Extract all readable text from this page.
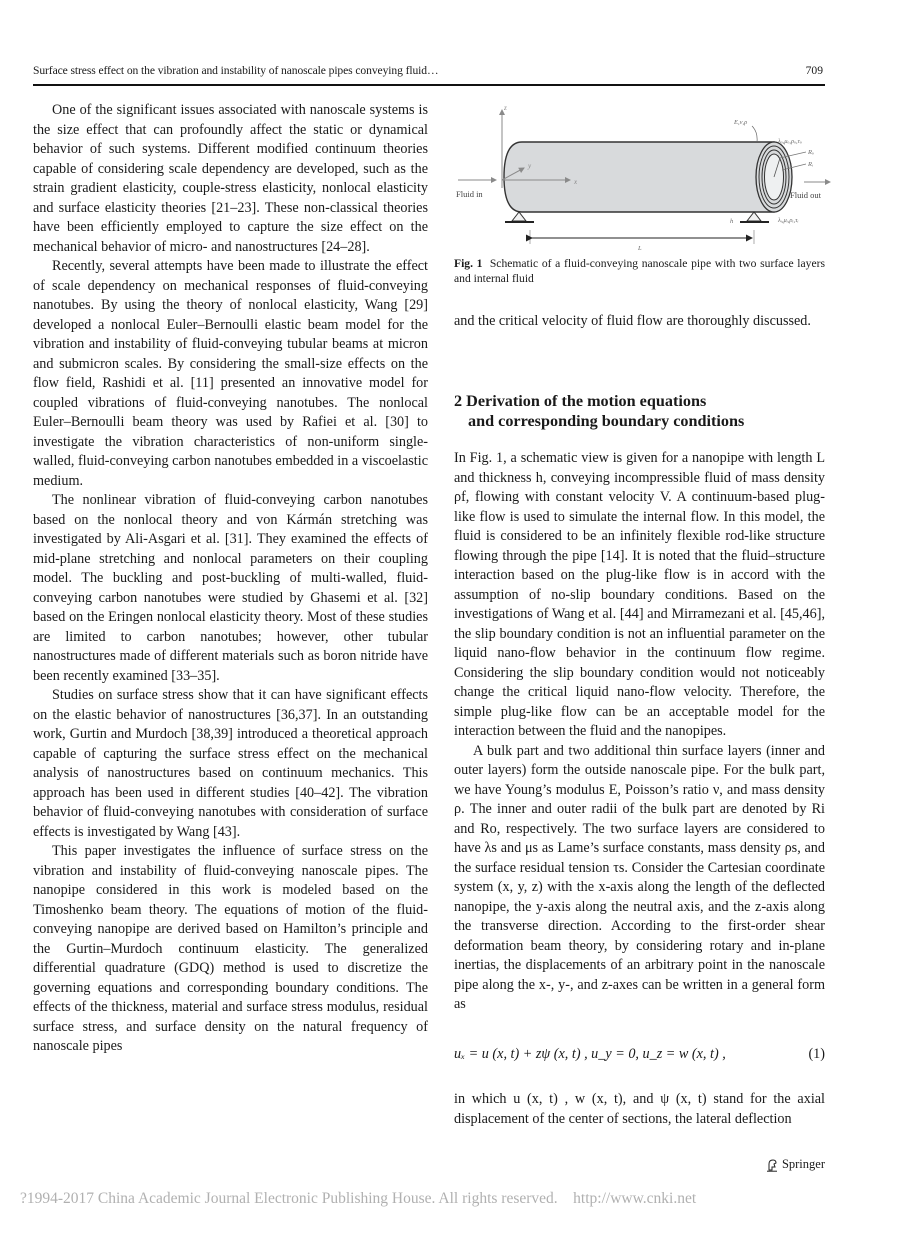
Surface stress effect on the vibration and instability of nanoscale pipes conveying fluid…	709

One of the significant issues associated with nanoscale systems is the size effect that can profoundly affect the static or dynamical behavior of such systems. Different modified continuum theories capable of considering scale dependency are developed, such as the strain gradient elasticity, couple-stress elasticity, nonlocal elasticity and surface elasticity theories [21–23]. These non-classical theories have been efficiently employed to capture the size effect on the mechanical behavior of micro- and nanostructures [24–28].

Recently, several attempts have been made to illustrate the effect of scale dependency on mechanical responses of fluid-conveying nanotubes. By using the theory of nonlocal elasticity, Wang [29] developed a nonlocal Euler–Bernoulli elastic beam model for the vibration and instability of fluid-conveying tubular beams at micron and submicron scales. By considering the small-size effects on the flow field, Rashidi et al. [11] presented an innovative model for coupled vibrations of fluid-conveying nanotubes. The nonlocal Euler–Bernoulli beam theory was used by Rafiei et al. [30] to investigate the vibration characteristics of non-uniform single-walled, fluid-conveying carbon nanotubes embedded in a viscoelastic medium.

The nonlinear vibration of fluid-conveying carbon nanotubes based on the nonlocal theory and von Kármán stretching was investigated by Ali-Asgari et al. [31]. They examined the effects of mid-plane stretching and nonlocal parameters on their coupling model. The buckling and post-buckling of multi-walled, fluid-conveying carbon nanotubes were studied by Ghasemi et al. [32] based on the Eringen nonlocal elasticity theory. Most of these studies are limited to carbon nanotubes; however, other tubular nanostructures made of different materials such as boron nitride have been recently examined [33–35].

Studies on surface stress show that it can have significant effects on the elastic behavior of nanostructures [36,37]. In an outstanding work, Gurtin and Murdoch [38,39] introduced a theoretical approach capable of capturing the surface stress effect on the mechanical analysis of nanostructures based on continuum mechanics. This approach has been used in different studies [40–42]. The vibration behavior of fluid-conveying nanotubes with consideration of surface effects is investigated by Wang [43].

This paper investigates the influence of surface stress on the vibration and instability of fluid-conveying nanoscale pipes. The nanopipe considered in this work is modeled based on the Timoshenko beam theory. The equations of motion of the fluid-conveying nanopipe are derived based on Hamilton’s principle and the Gurtin–Murdoch continuum elasticity. The generalized differential quadrature (GDQ) method is used to discretize the governing equations and corresponding boundary conditions. The effects of the thickness, material and surface stress modulus, residual surface stress, and surface density on the natural frequency of nanoscale pipes

z
x
y
Fluid in	Fluid out
E,ν,ρ
λₒ,μₒ,ρₒ,τₒ
Rₒ
Rᵢ
λᵢ,μᵢ,ρᵢ,τᵢ
h
L
Fig. 1 Schematic of a fluid-conveying nanoscale pipe with two surface layers and internal fluid

and the critical velocity of fluid flow are thoroughly discussed.

2 Derivation of the motion equations
and corresponding boundary conditions

In Fig. 1, a schematic view is given for a nanopipe with length L and thickness h, conveying incompressible fluid of mass density ρf, flowing with constant velocity V. A continuum-based plug-like flow is used to simulate the internal flow. In this model, the fluid is considered to be an infinitely flexible rod-like structure flowing through the pipe [14]. It is noted that the fluid–structure interaction based on the plug-like flow is in accord with the assumption of no-slip boundary conditions. Based on the investigations of Wang et al. [44] and Mirramezani et al. [45,46], the slip boundary condition is not an influential parameter on the liquid nano-flow behavior in the continuum flow regime. Considering the slip boundary condition would not noticeably change the critical liquid nano-flow velocity. Therefore, the simple plug-like flow can be an acceptable model for the interaction between the fluid and the nanopipes.

A bulk part and two additional thin surface layers (inner and outer layers) form the outside nanoscale pipe. For the bulk part, we have Young’s modulus E, Poisson’s ratio ν, and mass density ρ. The inner and outer radii of the bulk part are denoted by Ri and Ro, respectively. The two surface layers are considered to have λs and μs as Lame’s surface constants, mass density ρs, and the surface residual tension τs. Consider the Cartesian coordinate system (x, y, z) with the x-axis along the length of the deflected nanopipe, the y-axis along the neutral axis, and the z-axis along the transverse direction. According to the first-order shear deformation beam theory, by considering rotary and in-plane inertias, the displacements of an arbitrary point in the nanoscale pipe along the x-, y-, and z-axes can be written in a general form as

uₓ = u (x, t) + zψ (x, t) , u_y = 0, u_z = w (x, t) ,	(1)

in which u (x, t) , w (x, t), and ψ (x, t) stand for the axial displacement of the center of sections, the lateral deflection

Springer
?1994-2017 China Academic Journal Electronic Publishing House. All rights reserved.    http://www.cnki.net
